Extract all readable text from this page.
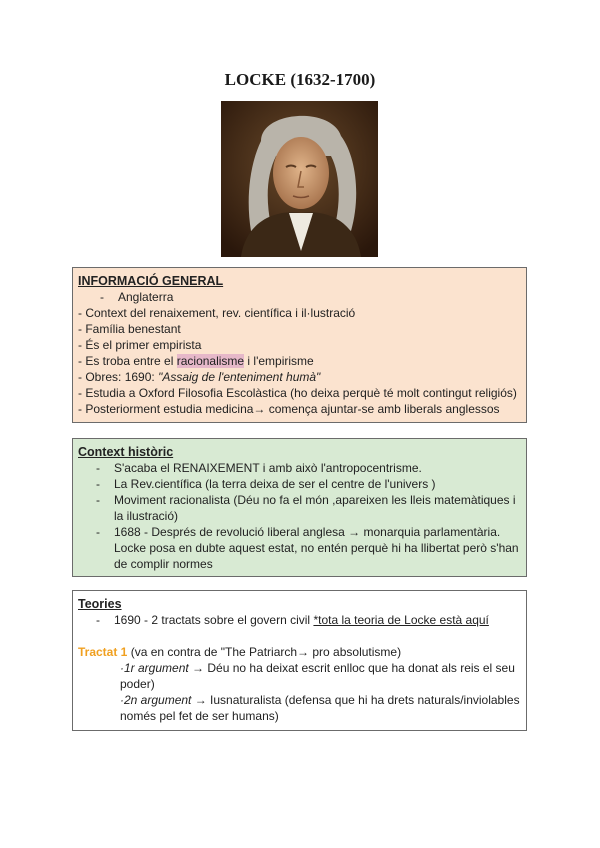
LOCKE (1632-1700)
INFORMACIÓ GENERAL
- Anglaterra
- Context del renaixement, rev. científica i il·lustració
- Família benestant
- És el primer empirista
- Es troba entre el racionalisme i l'empirisme
- Obres: 1690: "Assaig de l'enteniment humà"
- Estudia a Oxford Filosofia Escolàstica (ho deixa perquè té molt contingut religiós)
- Posteriorment estudia medicina→ comença ajuntar-se amb liberals anglessos
Context històric
-	S'acaba el RENAIXEMENT i amb això l'antropocentrisme.
-	La Rev.científica (la terra deixa de ser el centre de l'univers )
-	Moviment racionalista (Déu no fa el món ,apareixen les lleis matemàtiques i la ilustració)
-	1688 - Després de revolució liberal anglesa → monarquia parlamentària. Locke posa en dubte aquest estat, no entén perquè hi ha llibertat però s'han de complir normes
Teories
-	1690 - 2 tractats sobre el govern civil *tota la teoria de Locke està aquí
Tractat 1 (va en contra de "The Patriarch→ pro absolutisme)
·1r argument → Déu no ha deixat escrit enlloc que ha donat als reis el seu poder)
·2n argument → Iusnaturalista (defensa que hi ha drets naturals/inviolables només pel fet de ser humans)
